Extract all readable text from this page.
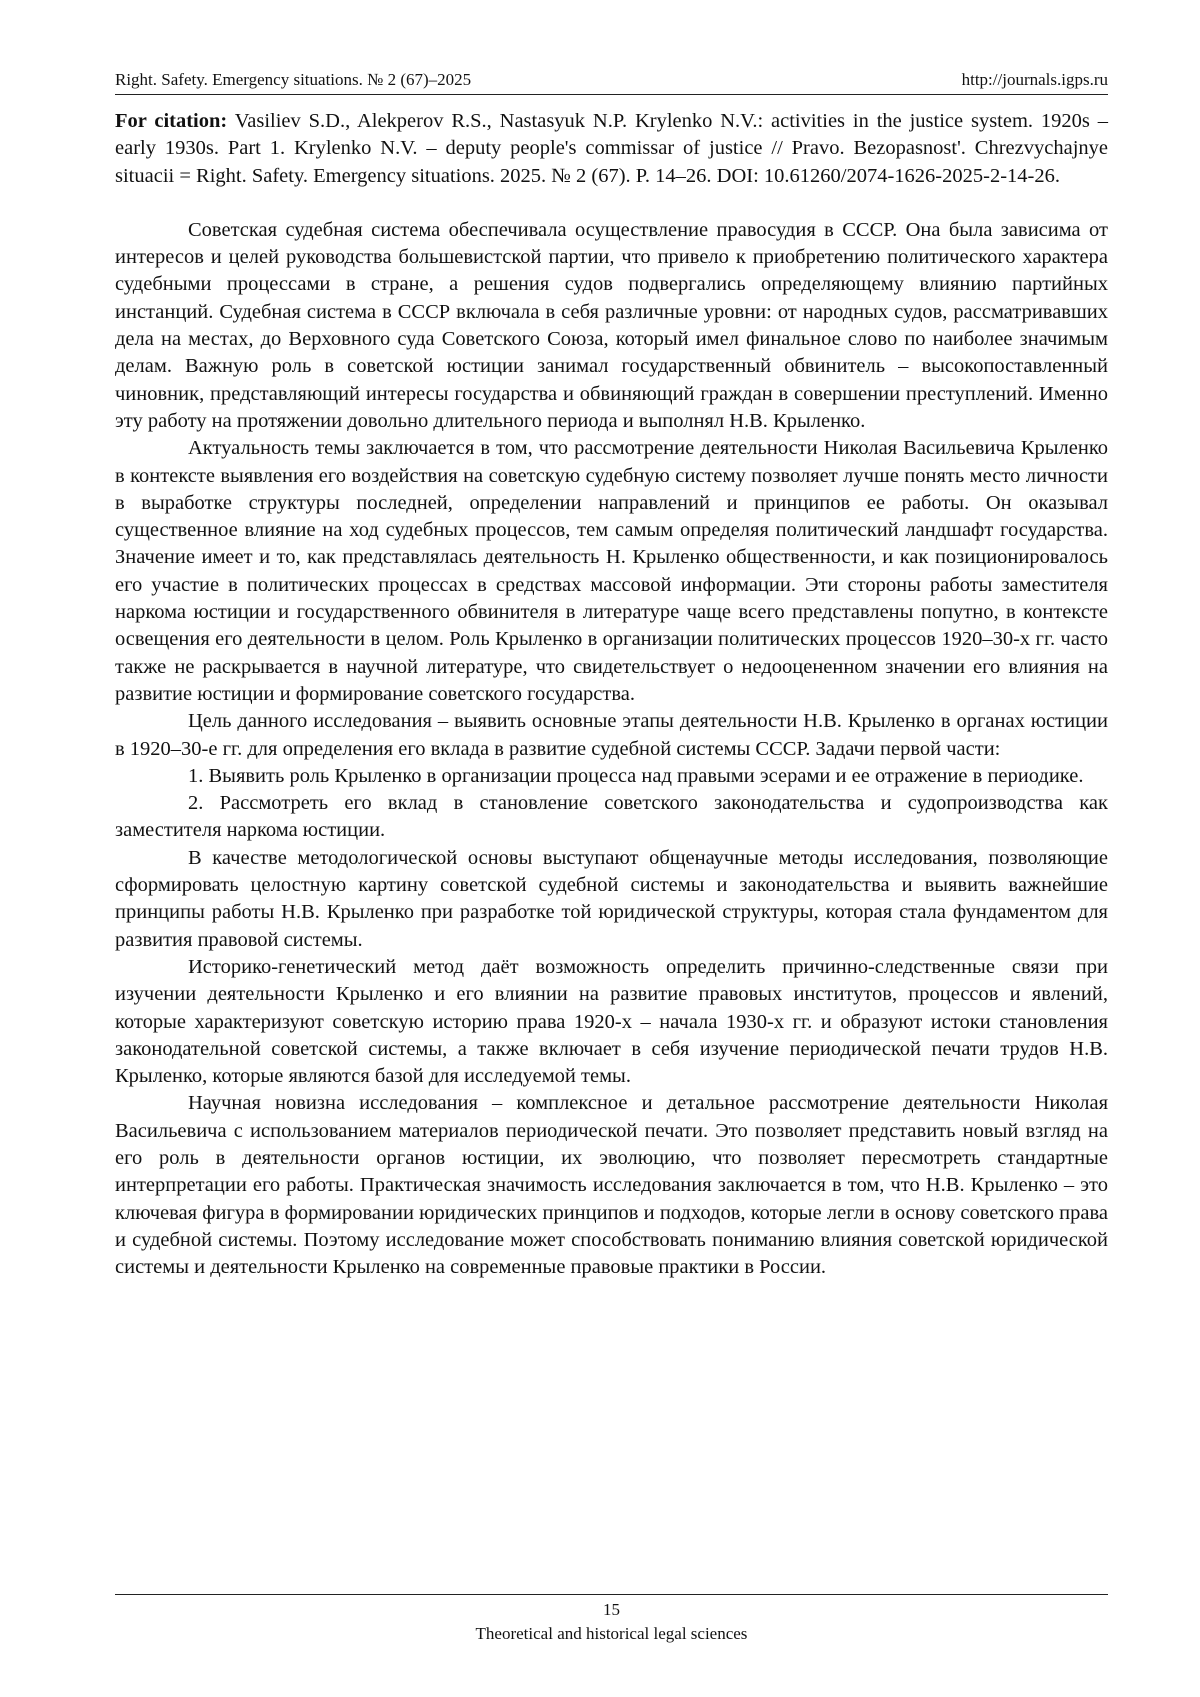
Right. Safety. Emergency situations. № 2 (67)–2025	http://journals.igps.ru

For citation: Vasiliev S.D., Alekperov R.S., Nastasyuk N.P. Krylenko N.V.: activities in the justice system. 1920s – early 1930s. Part 1. Krylenko N.V. – deputy people's commissar of justice // Pravo. Bezopasnost'. Chrezvychajnye situacii = Right. Safety. Emergency situations. 2025. № 2 (67). P. 14–26. DOI: 10.61260/2074-1626-2025-2-14-26.

Советская судебная система обеспечивала осуществление правосудия в СССР. Она была зависима от интересов и целей руководства большевистской партии, что привело к приобретению политического характера судебными процессами в стране, а решения судов подвергались определяющему влиянию партийных инстанций. Судебная система в СССР включала в себя различные уровни: от народных судов, рассматривавших дела на местах, до Верховного суда Советского Союза, который имел финальное слово по наиболее значимым делам. Важную роль в советской юстиции занимал государственный обвинитель – высокопоставленный чиновник, представляющий интересы государства и обвиняющий граждан в совершении преступлений. Именно эту работу на протяжении довольно длительного периода и выполнял Н.В. Крыленко.

Актуальность темы заключается в том, что рассмотрение деятельности Николая Васильевича Крыленко в контексте выявления его воздействия на советскую судебную систему позволяет лучше понять место личности в выработке структуры последней, определении направлений и принципов ее работы. Он оказывал существенное влияние на ход судебных процессов, тем самым определяя политический ландшафт государства. Значение имеет и то, как представлялась деятельность Н. Крыленко общественности, и как позиционировалось его участие в политических процессах в средствах массовой информации. Эти стороны работы заместителя наркома юстиции и государственного обвинителя в литературе чаще всего представлены попутно, в контексте освещения его деятельности в целом. Роль Крыленко в организации политических процессов 1920–30-х гг. часто также не раскрывается в научной литературе, что свидетельствует о недооцененном значении его влияния на развитие юстиции и формирование советского государства.

Цель данного исследования – выявить основные этапы деятельности Н.В. Крыленко в органах юстиции в 1920–30-е гг. для определения его вклада в развитие судебной системы СССР. Задачи первой части:

1. Выявить роль Крыленко в организации процесса над правыми эсерами и ее отражение в периодике.

2. Рассмотреть его вклад в становление советского законодательства и судопроизводства как заместителя наркома юстиции.

В качестве методологической основы выступают общенаучные методы исследования, позволяющие сформировать целостную картину советской судебной системы и законодательства и выявить важнейшие принципы работы Н.В. Крыленко при разработке той юридической структуры, которая стала фундаментом для развития правовой системы.

Историко-генетический метод даёт возможность определить причинно-следственные связи при изучении деятельности Крыленко и его влиянии на развитие правовых институтов, процессов и явлений, которые характеризуют советскую историю права 1920-х – начала 1930-х гг. и образуют истоки становления законодательной советской системы, а также включает в себя изучение периодической печати трудов Н.В. Крыленко, которые являются базой для исследуемой темы.

Научная новизна исследования – комплексное и детальное рассмотрение деятельности Николая Васильевича с использованием материалов периодической печати. Это позволяет представить новый взгляд на его роль в деятельности органов юстиции, их эволюцию, что позволяет пересмотреть стандартные интерпретации его работы. Практическая значимость исследования заключается в том, что Н.В. Крыленко – это ключевая фигура в формировании юридических принципов и подходов, которые легли в основу советского права и судебной системы. Поэтому исследование может способствовать пониманию влияния советской юридической системы и деятельности Крыленко на современные правовые практики в России.

15
Theoretical and historical legal sciences
